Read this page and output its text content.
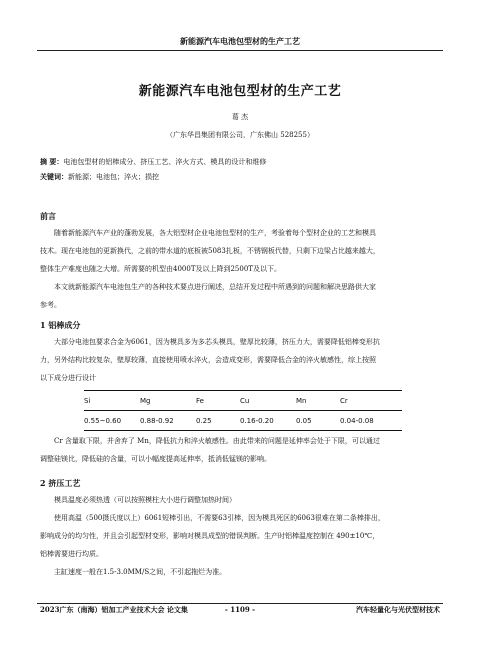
新能源汽车电池包型材的生产工艺
新能源汽车电池包型材的生产工艺
葛 杰
（广东华昌集团有限公司，广东佛山 528255）
摘 要：电池包型材的铝棒成分、挤压工艺、淬火方式、模具的设计和维修
关键词：新能源；电池包；淬火；损挖
前言
随着新能源汽车产业的蓬勃发展，各大铝型材企业电池包型材的生产，考验着每个型材企业的工艺和模具
技术。现在电池包的更新换代，之前的带水道的底板被5083扎板，不锈钢板代替，只剩下边梁占比越来越大，
整体生产难度也随之大增。所需要的机型由4000T及以上降到2500T及以下。
本文就新能源汽车电池包生产的各种技术要点进行阐述，总结开发过程中所遇到的问题和解决思路供大家
参考。
1 铝棒成分
大部分电池包要求合金为6061，因为模具多为多芯头模具，壁厚比较薄，挤压力大，需要降低铝棒变形抗
力，另外结构比较复杂，壁厚较薄，直接使用喷水淬火，会造成变形，需要降低合金的淬火敏感性，综上按照
以下成分进行设计
Si	Mg	Fe	Cu	Mn	Cr
0.55~0.60	0.88-0.92	0.25	0.16-0.20	0.05	0.04-0.08
Cr 含量取下限，并舍弃了 Mn，降低抗力和淬火敏感性。由此带来的问题是延伸率会处于下限，可以通过
调整硅镁比，降低硅的含量，可以小幅度提高延伸率，抵消低锰镁的影响。
2 挤压工艺
模具温度必须热透（可以按照模柱大小进行调整加热时间）
使用高温（500摄氏度以上）6061短棒引出，不需要63引棒，因为模具死区的6063很难在第二条棒排出，
影响成分的均匀性，并且会引起型材变形，影响对模具成型的错误判断。生产时铝棒温度控制在 490±10℃，
铝棒需要进行均质。
主缸速度一般在1.5-3.0MM/S之间，不引起拖烂为准。
2023广东（南海）铝加工产业技术大会 论文集	- 1109 -	汽车轻量化与光伏型材技术
